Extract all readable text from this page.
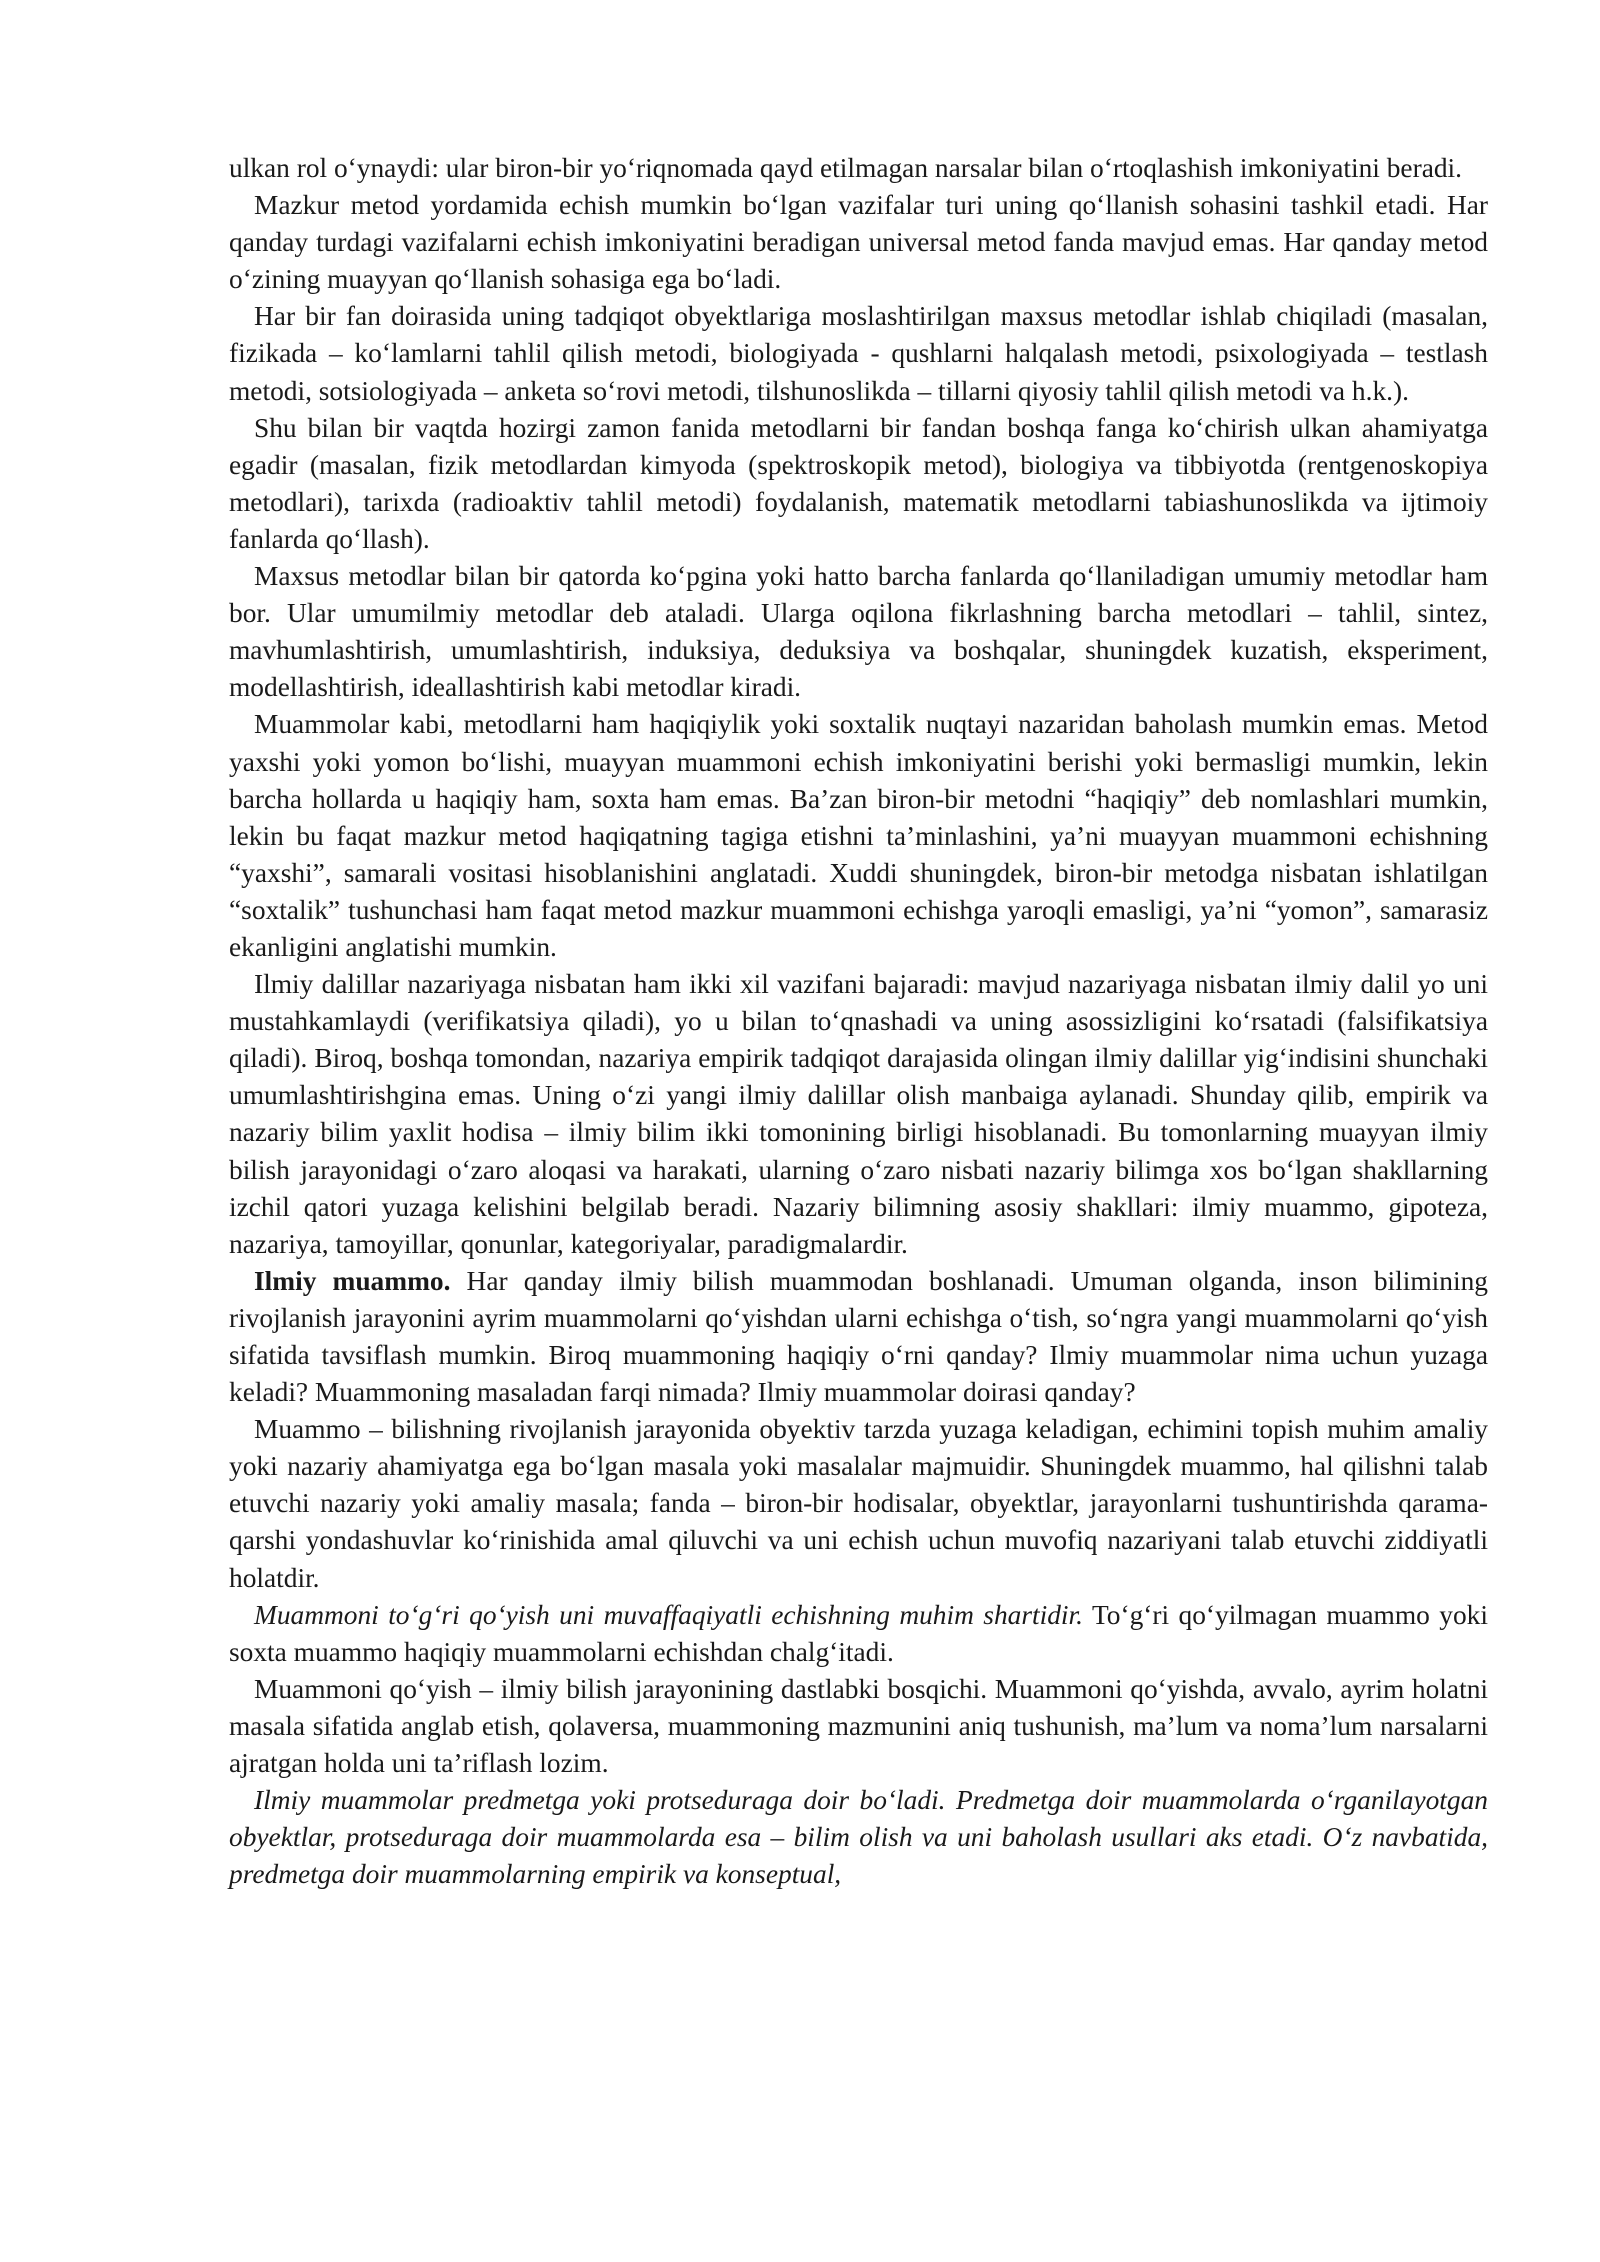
ulkan rol o‘ynaydi: ular biron-bir yo‘riqnomada qayd etilmagan narsalar bilan o‘rtoqlashish imkoniyatini beradi.

Mazkur metod yordamida echish mumkin bo‘lgan vazifalar turi uning qo‘llanish sohasini tashkil etadi. Har qanday turdagi vazifalarni echish imkoniyatini beradigan universal metod fanda mavjud emas. Har qanday metod o‘zining muayyan qo‘llanish sohasiga ega bo‘ladi.

Har bir fan doirasida uning tadqiqot obyektlariga moslashtirilgan maxsus metodlar ishlab chiqiladi (masalan, fizikada – ko‘lamlarni tahlil qilish metodi, biologiyada - qushlarni halqalash metodi, psixologiyada – testlash metodi, sotsiologiyada – anketa so‘rovi metodi, tilshunoslikda – tillarni qiyosiy tahlil qilish metodi va h.k.).

Shu bilan bir vaqtda hozirgi zamon fanida metodlarni bir fandan boshqa fanga ko‘chirish ulkan ahamiyatga egadir (masalan, fizik metodlardan kimyoda (spektroskopik metod), biologiya va tibbiyotda (rentgenoskopiya metodlari), tarixda (radioaktiv tahlil metodi) foydalanish, matematik metodlarni tabiashunoslikda va ijtimoiy fanlarda qo‘llash).

Maxsus metodlar bilan bir qatorda ko‘pgina yoki hatto barcha fanlarda qo‘llaniladigan umumiy metodlar ham bor. Ular umumilmiy metodlar deb ataladi. Ularga oqilona fikrlashning barcha metodlari – tahlil, sintez, mavhumlashtirish, umumlashtirish, induksiya, deduksiya va boshqalar, shuningdek kuzatish, eksperiment, modellashtirish, ideallashtirish kabi metodlar kiradi.

Muammolar kabi, metodlarni ham haqiqiylik yoki soxtalik nuqtayi nazaridan baholash mumkin emas. Metod yaxshi yoki yomon bo‘lishi, muayyan muammoni echish imkoniyatini berishi yoki bermasligi mumkin, lekin barcha hollarda u haqiqiy ham, soxta ham emas. Ba’zan biron-bir metodni “haqiqiy” deb nomlashlari mumkin, lekin bu faqat mazkur metod haqiqatning tagiga etishni ta’minlashini, ya’ni muayyan muammoni echishning “yaxshi”, samarali vositasi hisoblanishini anglatadi. Xuddi shuningdek, biron-bir metodga nisbatan ishlatilgan “soxtalik” tushunchasi ham faqat metod mazkur muammoni echishga yaroqli emasligi, ya’ni “yomon”, samarasiz ekanligini anglatishi mumkin.

Ilmiy dalillar nazariyaga nisbatan ham ikki xil vazifani bajaradi: mavjud nazariyaga nisbatan ilmiy dalil yo uni mustahkamlaydi (verifikatsiya qiladi), yo u bilan to‘qnashadi va uning asossizligini ko‘rsatadi (falsifikatsiya qiladi). Biroq, boshqa tomondan, nazariya empirik tadqiqot darajasida olingan ilmiy dalillar yig‘indisini shunchaki umumlashtirishgina emas. Uning o‘zi yangi ilmiy dalillar olish manbaiga aylanadi. Shunday qilib, empirik va nazariy bilim yaxlit hodisa – ilmiy bilim ikki tomonining birligi hisoblanadi. Bu tomonlarning muayyan ilmiy bilish jarayonidagi o‘zaro aloqasi va harakati, ularning o‘zaro nisbati nazariy bilimga xos bo‘lgan shakllarning izchil qatori yuzaga kelishini belgilab beradi. Nazariy bilimning asosiy shakllari: ilmiy muammo, gipoteza, nazariya, tamoyillar, qonunlar, kategoriyalar, paradigmalardir.

Ilmiy muammo. Har qanday ilmiy bilish muammodan boshlanadi. Umuman olganda, inson bilimining rivojlanish jarayonini ayrim muammolarni qo‘yishdan ularni echishga o‘tish, so‘ngra yangi muammolarni qo‘yish sifatida tavsiflash mumkin. Biroq muammoning haqiqiy o‘rni qanday? Ilmiy muammolar nima uchun yuzaga keladi? Muammoning masaladan farqi nimada? Ilmiy muammolar doirasi qanday?

Muammo – bilishning rivojlanish jarayonida obyektiv tarzda yuzaga keladigan, echimini topish muhim amaliy yoki nazariy ahamiyatga ega bo‘lgan masala yoki masalalar majmuidir. Shuningdek muammo, hal qilishni talab etuvchi nazariy yoki amaliy masala; fanda – biron-bir hodisalar, obyektlar, jarayonlarni tushuntirishda qarama-qarshi yondashuvlar ko‘rinishida amal qiluvchi va uni echish uchun muvofiq nazariyani talab etuvchi ziddiyatli holatdir.

Muammoni to‘g‘ri qo‘yish uni muvaffaqiyatli echishning muhim shartidir. To‘g‘ri qo‘yilmagan muammo yoki soxta muammo haqiqiy muammolarni echishdan chalg‘itadi.

Muammoni qo‘yish – ilmiy bilish jarayonining dastlabki bosqichi. Muammoni qo‘yishda, avvalo, ayrim holatni masala sifatida anglab etish, qolaversa, muammoning mazmunini aniq tushunish, ma’lum va noma’lum narsalarni ajratgan holda uni ta’riflash lozim.

Ilmiy muammolar predmetga yoki protseduraga doir bo‘ladi. Predmetga doir muammolarda o‘rganilayotgan obyektlar, protseduraga doir muammolarda esa – bilim olish va uni baholash usullari aks etadi. O‘z navbatida, predmetga doir muammolarning empirik va konseptual,
